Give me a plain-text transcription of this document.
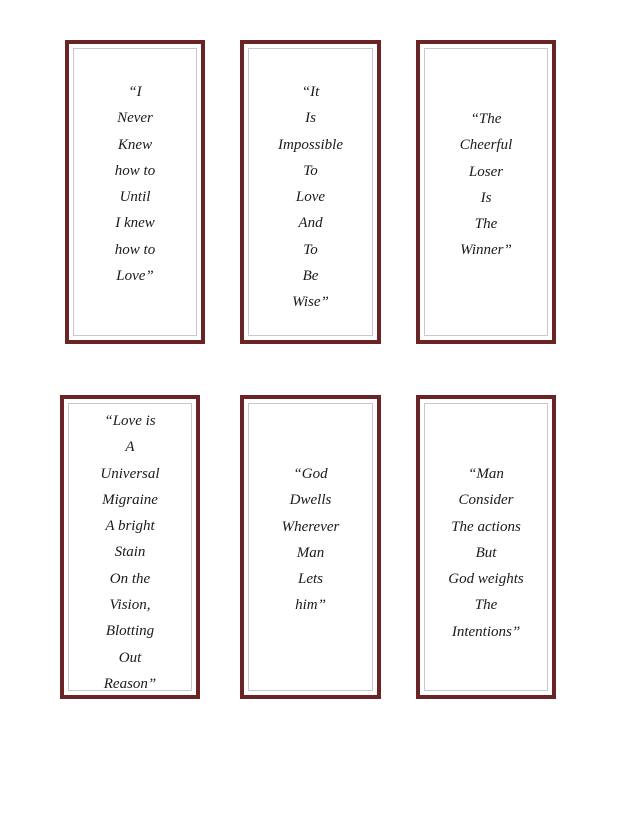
“I
Never
Knew
how to
Until
I knew
how to
Love”
“It
Is
Impossible
To
Love
And
To
Be
Wise”
“The
Cheerful
Loser
Is
The
Winner”
“Love is
A
Universal
Migraine
A bright
Stain
On the
Vision,
Blotting
Out
Reason”
“God
Dwells
Wherever
Man
Lets
him”
“Man
Consider
The actions
But
God weights
The
Intentions”
